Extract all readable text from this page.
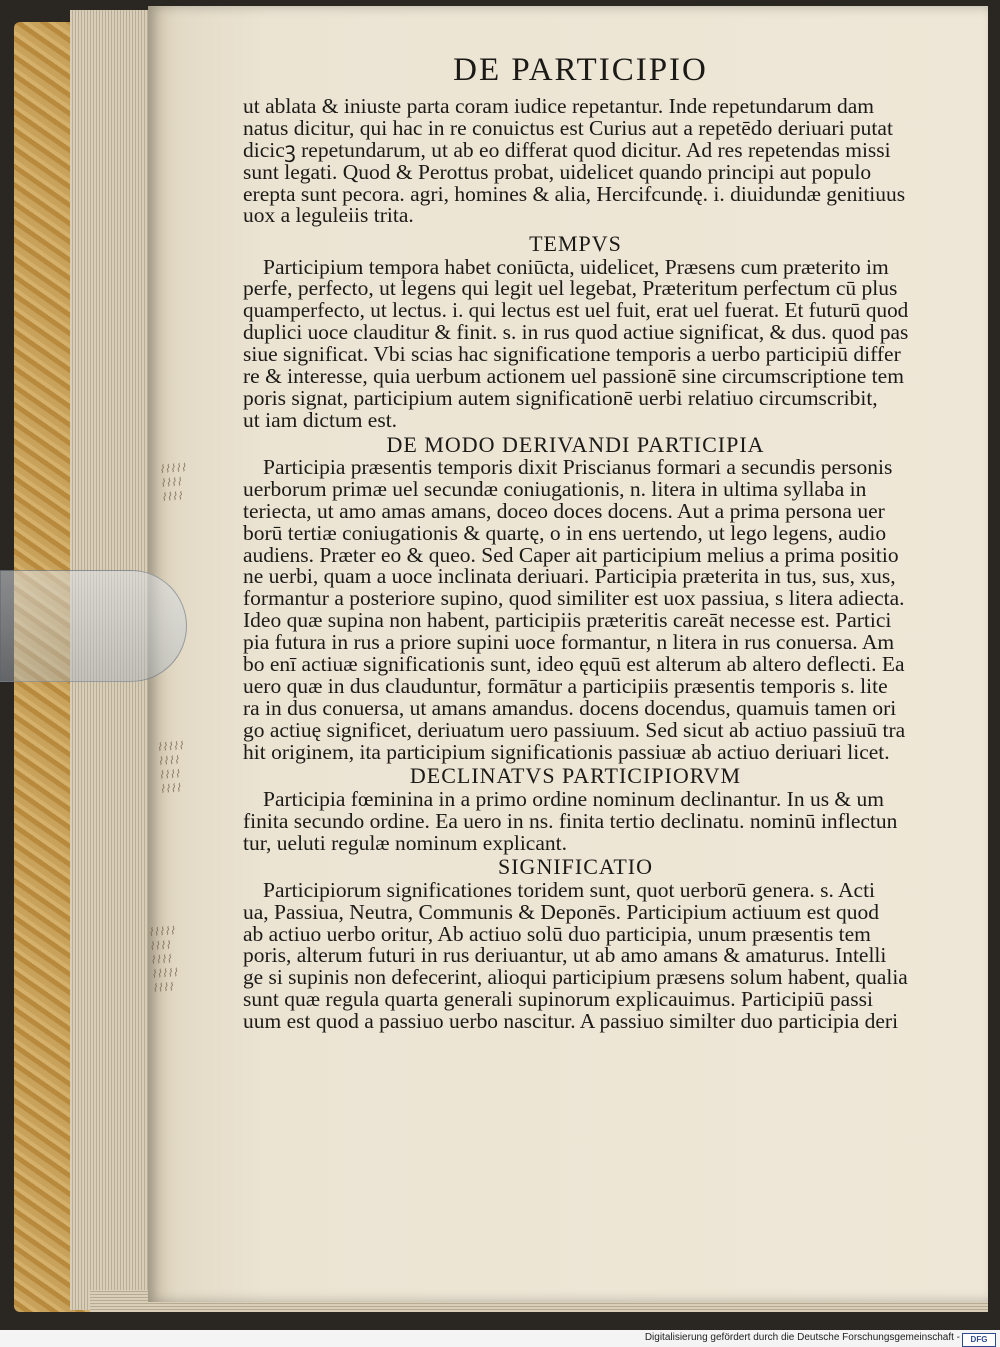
⌇⌇⌇⌇⌇
⌇⌇⌇⌇
⌇⌇⌇⌇
⌇⌇⌇⌇⌇
⌇⌇⌇⌇
⌇⌇⌇⌇
⌇⌇⌇⌇
⌇⌇⌇⌇⌇
⌇⌇⌇⌇
⌇⌇⌇⌇
⌇⌇⌇⌇⌇
⌇⌇⌇⌇
DE PARTICIPIO
ut ablata & iniuste parta coram iudice repetantur. Inde repetundarum dam
natus dicitur, qui hac in re conuictus est Curius aut a repetēdo deriuari putat
dicicꝫ repetundarum, ut ab eo differat quod dicitur. Ad res repetendas missi
sunt legati. Quod & Perottus probat, uidelicet quando principi aut populo
erepta sunt pecora. agri, homines & alia, Hercifcundę. i. diuidundæ genitiuus
uox a leguleiis trita.
TEMPVS
Participium tempora habet coniūcta, uidelicet, Præsens cum præterito im
perfe, perfecto, ut legens qui legit uel legebat, Præteritum perfectum cū plus
quamperfecto, ut lectus. i. qui lectus est uel fuit, erat uel fuerat. Et futurū quod
duplici uoce clauditur & finit. s. in rus quod actiue significat, & dus. quod pas
siue significat. Vbi scias hac significatione temporis a uerbo participiū differ
re & interesse, quia uerbum actionem uel passionē sine circumscriptione tem
poris signat, participium autem significationē uerbi relatiuo circumscribit,
ut iam dictum est.
DE MODO DERIVANDI PARTICIPIA
Participia præsentis temporis dixit Priscianus formari a secundis personis
uerborum primæ uel secundæ coniugationis, n. litera in ultima syllaba in
teriecta, ut amo amas amans, doceo doces docens. Aut a prima persona uer
borū tertiæ coniugationis & quartę, o in ens uertendo, ut lego legens, audio
audiens. Præter eo & queo. Sed Caper ait participium melius a prima positio
ne uerbi, quam a uoce inclinata deriuari. Participia præterita in tus, sus, xus,
formantur a posteriore supino, quod similiter est uox passiua, s litera adiecta.
Ideo quæ supina non habent, participiis præteritis careāt necesse est. Partici
pia futura in rus a priore supini uoce formantur, n litera in rus conuersa. Am
bo enī actiuæ significationis sunt, ideo ęquū est alterum ab altero deflecti. Ea
uero quæ in dus clauduntur, formātur a participiis præsentis temporis s. lite
ra in dus conuersa, ut amans amandus. docens docendus, quamuis tamen ori
go actiuę significet, deriuatum uero passiuum. Sed sicut ab actiuo passiuū tra
hit originem, ita participium significationis passiuæ ab actiuo deriuari licet.
DECLINATVS PARTICIPIORVM
Participia fœminina in a primo ordine nominum declinantur. In us & um
finita secundo ordine. Ea uero in ns. finita tertio declinatu. nominū inflectun
tur, ueluti regulæ nominum explicant.
SIGNIFICATIO
Participiorum significationes toridem sunt, quot uerborū genera. s. Acti
ua, Passiua, Neutra, Communis & Deponēs. Participium actiuum est quod
ab actiuo uerbo oritur, Ab actiuo solū duo participia, unum præsentis tem
poris, alterum futuri in rus deriuantur, ut ab amo amans & amaturus. Intelli
ge si supinis non defecerint, alioqui participium præsens solum habent, qualia
sunt quæ regula quarta generali supinorum explicauimus. Participiū passi
uum est quod a passiuo uerbo nascitur. A passiuo similter duo participia deri
Digitalisierung gefördert durch die Deutsche Forschungsgemeinschaft -	DFG
